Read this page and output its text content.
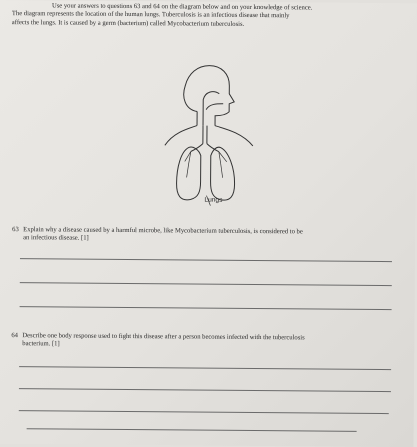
Use your answers to questions 63 and 64 on the diagram below and on your knowledge of science.
The diagram represents the location of the human lungs. Tuberculosis is an infectious disease that mainly
affects the lungs. It is caused by a germ (bacterium) called Mycobacterium tuberculosis.
Lungs
63 Explain why a disease caused by a harmful microbe, like Mycobacterium tuberculosis, is considered to be
an infectious disease. [1]
64 Describe one body response used to fight this disease after a person becomes infected with the tuberculosis
bacterium. [1]
